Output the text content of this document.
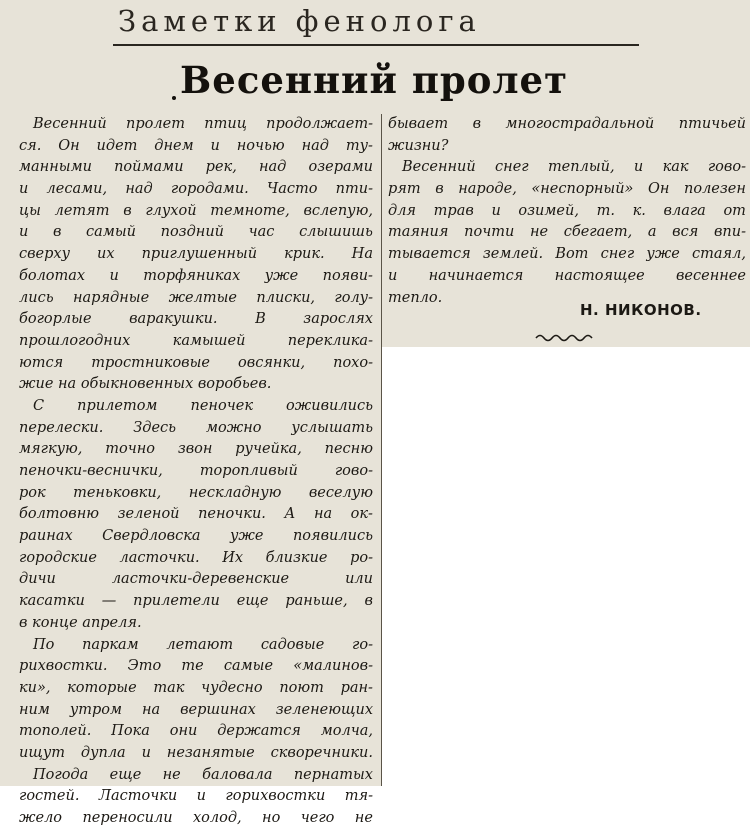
Заметки фенолога
Весенний пролет
Весенний пролет птиц продолжает-
ся. Он идет днем и ночью над ту-
манными поймами рек, над озерами
и лесами, над городами. Часто пти-
цы летят в глухой темноте, вслепую,
и в самый поздний час слышишь
сверху их приглушенный крик. На
болотах и торфяниках уже появи-
лись нарядные желтые плиски, голу-
богорлые	варакушки.	В	зарослях
прошлогодних	камышей	переклика-
ются тростниковые овсянки, похо-
жие на обыкновенных воробьев.
С прилетом пеночек оживились
перелески. Здесь можно услышать
мягкую, точно звон ручейка, песню
пеночки-веснички,	торопливый	гово-
рок теньковки, нескладную веселую
болтовню зеленой пеночки. А на ок-
раинах Свердловска уже появились
городские ласточки. Их близкие ро-
дичи	ласточки-деревенские	или
касатки — прилетели еще раньше, в
в конце апреля.
По паркам летают садовые го-
рихвостки. Это те самые «малинов-
ки», которые так чудесно поют ран-
ним утром на вершинах зеленеющих
тополей. Пока они держатся молча,
ищут дупла и незанятые скворечники.
Погода еще не баловала пернатых
гостей. Ласточки и горихвостки тя-
жело переносили холод, но чего не
бывает в многострадальной птичьей
жизни?
Весенний снег теплый, и как гово-
рят в народе, «неспорный» Он полезен
для трав и озимей, т. к. влага от
таяния почти не сбегает, а вся впи-
тывается землей. Вот снег уже стаял,
и начинается настоящее весеннее
тепло.
Н. НИКОНОВ.
